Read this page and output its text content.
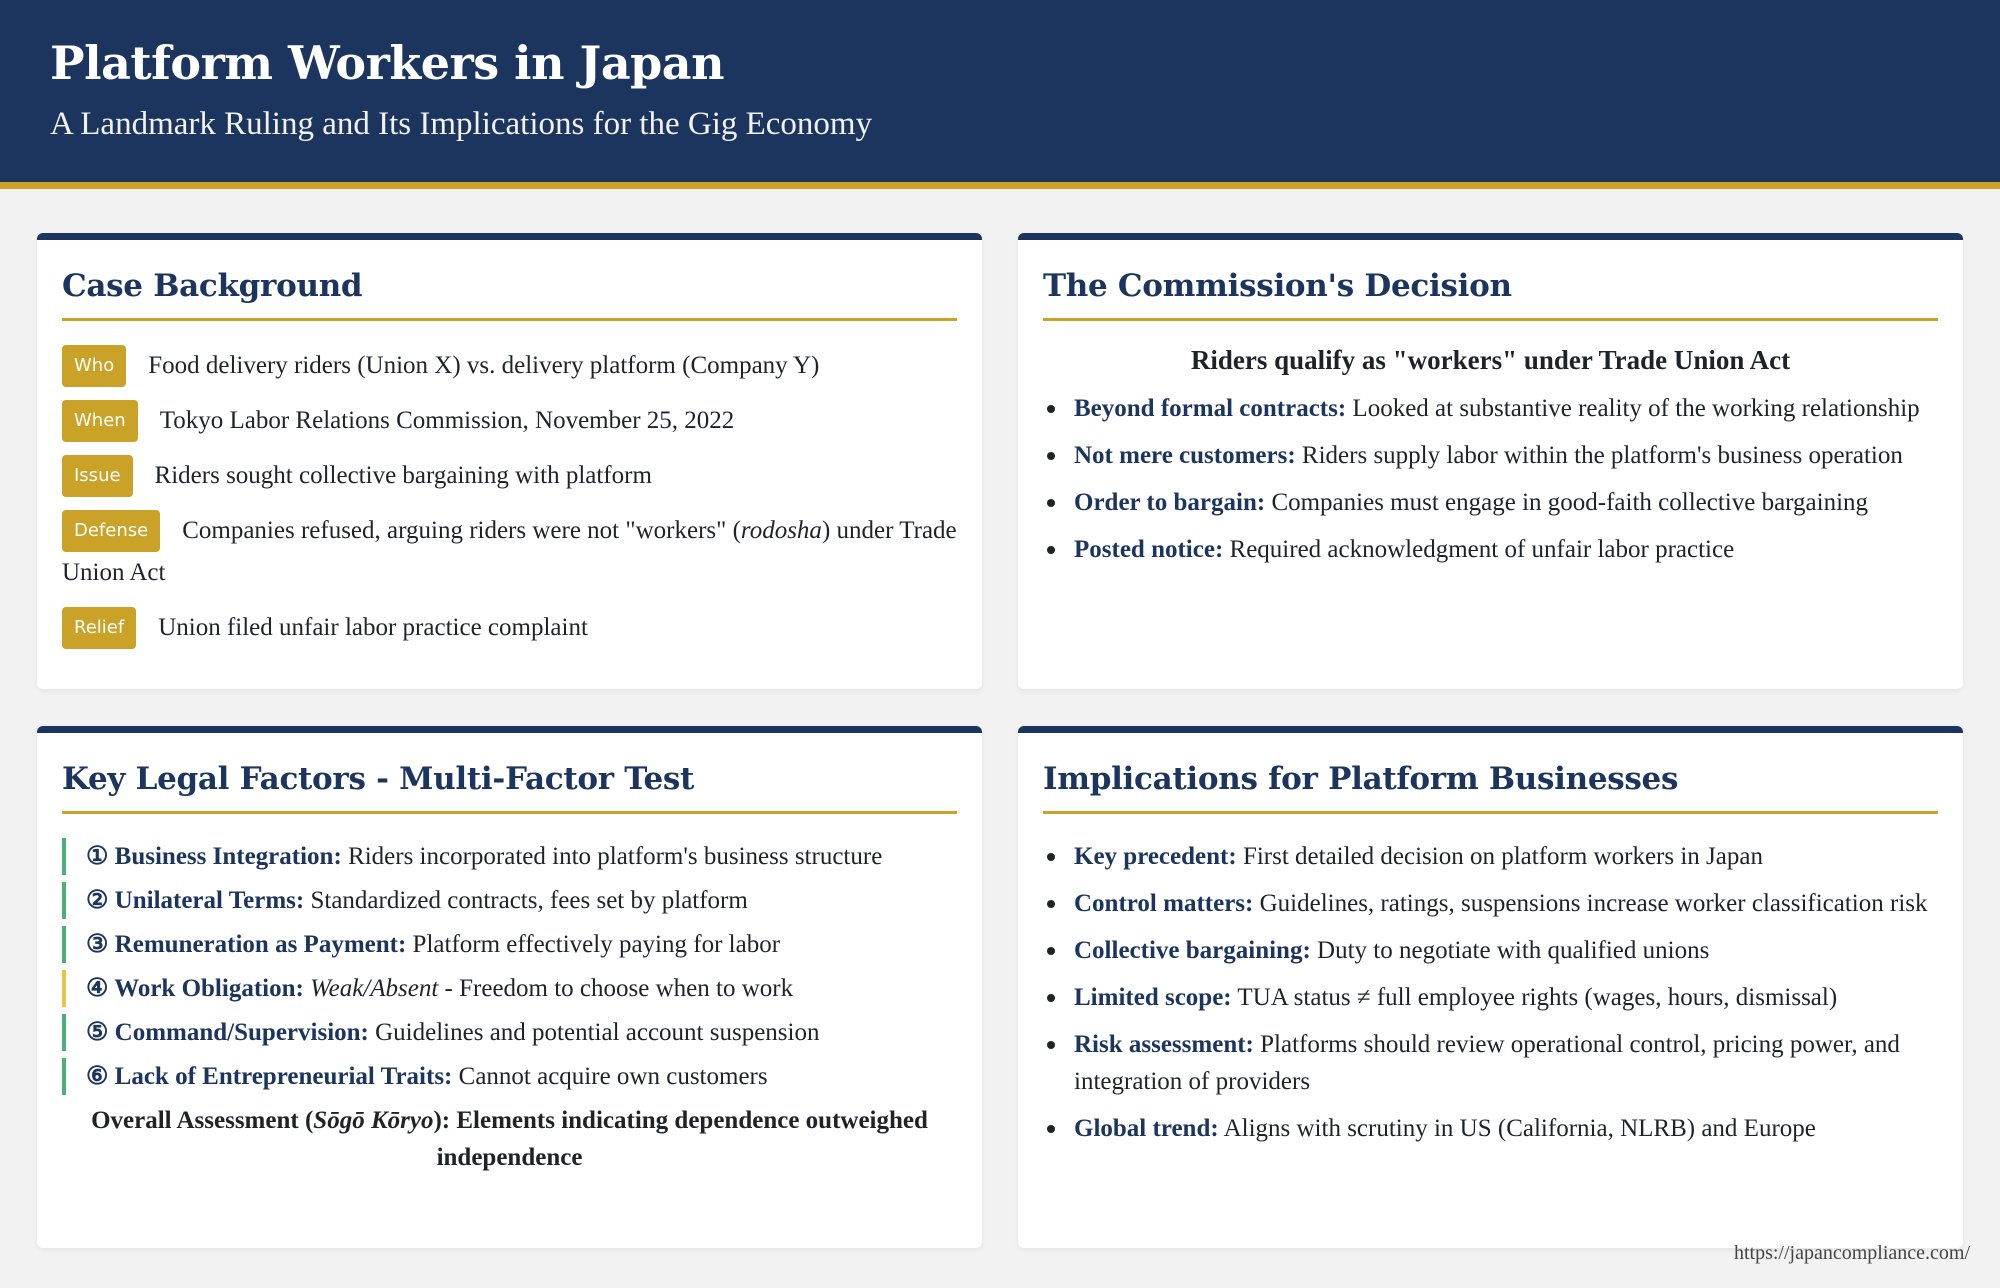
Platform Workers in Japan
A Landmark Ruling and Its Implications for the Gig Economy
Case Background
Who Food delivery riders (Union X) vs. delivery platform (Company Y)
When Tokyo Labor Relations Commission, November 25, 2022
Issue Riders sought collective bargaining with platform
Defense Companies refused, arguing riders were not "workers" (rodosha) under Trade Union Act
Relief Union filed unfair labor practice complaint
The Commission's Decision
Riders qualify as "workers" under Trade Union Act
Beyond formal contracts: Looked at substantive reality of the working relationship
Not mere customers: Riders supply labor within the platform's business operation
Order to bargain: Companies must engage in good-faith collective bargaining
Posted notice: Required acknowledgment of unfair labor practice
Key Legal Factors - Multi-Factor Test
① Business Integration: Riders incorporated into platform's business structure
② Unilateral Terms: Standardized contracts, fees set by platform
③ Remuneration as Payment: Platform effectively paying for labor
④ Work Obligation: Weak/Absent - Freedom to choose when to work
⑤ Command/Supervision: Guidelines and potential account suspension
⑥ Lack of Entrepreneurial Traits: Cannot acquire own customers
Overall Assessment (Sōgō Kōryo): Elements indicating dependence outweighed independence
Implications for Platform Businesses
Key precedent: First detailed decision on platform workers in Japan
Control matters: Guidelines, ratings, suspensions increase worker classification risk
Collective bargaining: Duty to negotiate with qualified unions
Limited scope: TUA status ≠ full employee rights (wages, hours, dismissal)
Risk assessment: Platforms should review operational control, pricing power, and integration of providers
Global trend: Aligns with scrutiny in US (California, NLRB) and Europe
https://japancompliance.com/
